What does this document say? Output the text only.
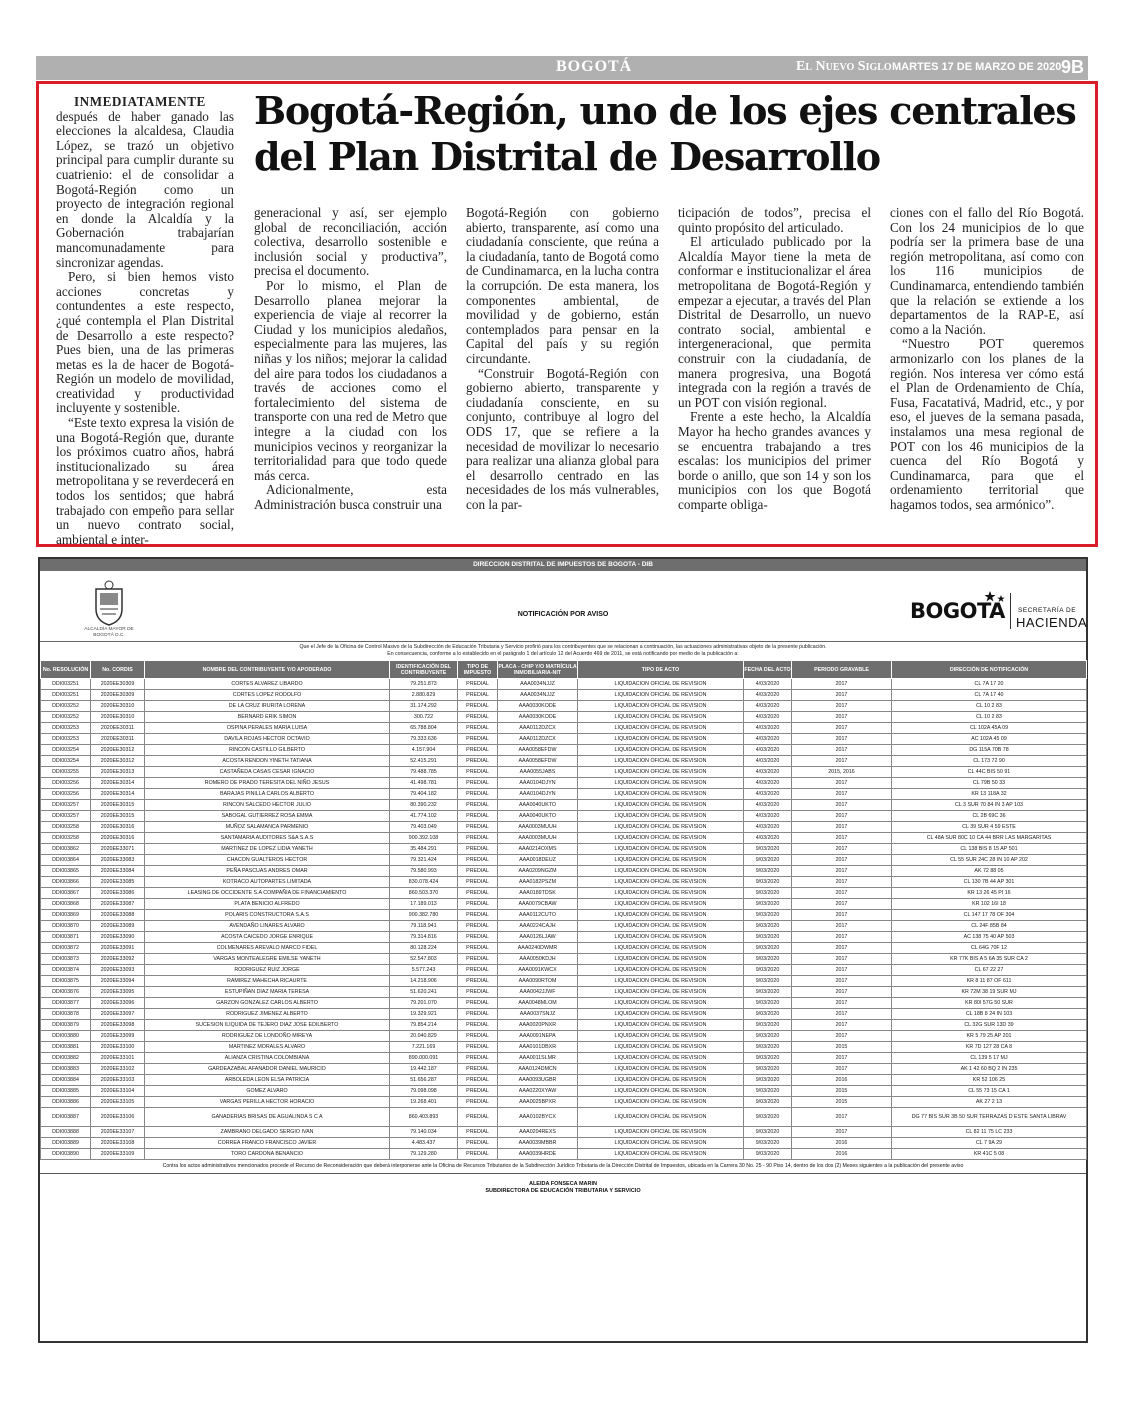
BOGOTÁ	El Nuevo Siglo MARTES 17 DE MARZO DE 2020 9B
Bogotá-Región, uno de los ejes centrales del Plan Distrital de Desarrollo

INMEDIATAMENTE después de haber ganado las elecciones la alcaldesa, Claudia López, se trazó un objetivo principal para cumplir durante su cuatrienio: el de consolidar a Bogotá-Región como un proyecto de integración regional en donde la Alcaldía y la Gobernación trabajarían mancomunadamente para sincronizar agendas.

Pero, si bien hemos visto acciones concretas y contundentes a este respecto, ¿qué contempla el Plan Distrital de Desarrollo a este respecto? Pues bien, una de las primeras metas es la de hacer de Bogotá-Región un modelo de movilidad, creatividad y productividad incluyente y sostenible.

“Este texto expresa la visión de una Bogotá-Región que, durante los próximos cuatro años, habrá institucionalizado su área metropolitana y se reverdecerá en todos los sentidos; que habrá trabajado con empeño para sellar un nuevo contrato social, ambiental e inter-

generacional y así, ser ejemplo global de reconciliación, acción colectiva, desarrollo sostenible e inclusión social y productiva”, precisa el documento.

Por lo mismo, el Plan de Desarrollo planea mejorar la experiencia de viaje al recorrer la Ciudad y los municipios aledaños, especialmente para las mujeres, las niñas y los niños; mejorar la calidad del aire para todos los ciudadanos a través de acciones como el fortalecimiento del sistema de transporte con una red de Metro que integre a la ciudad con los municipios vecinos y reorganizar la territorialidad para que todo quede más cerca.

Adicionalmente, esta Administración busca construir una

Bogotá-Región con gobierno abierto, transparente, así como una ciudadanía consciente, que reúna a la ciudadanía, tanto de Bogotá como de Cundinamarca, en la lucha contra la corrupción. De esta manera, los componentes ambiental, de movilidad y de gobierno, están contemplados para pensar en la Capital del país y su región circundante.

“Construir Bogotá-Región con gobierno abierto, transparente y ciudadanía consciente, en su conjunto, contribuye al logro del ODS 17, que se refiere a la necesidad de movilizar lo necesario para realizar una alianza global para el desarrollo centrado en las necesidades de los más vulnerables, con la par-

ticipación de todos”, precisa el quinto propósito del articulado.

El articulado publicado por la Alcaldía Mayor tiene la meta de conformar e institucionalizar el área metropolitana de Bogotá-Región y empezar a ejecutar, a través del Plan Distrital de Desarrollo, un nuevo contrato social, ambiental e intergeneracional, que permita construir con la ciudadanía, de manera progresiva, una Bogotá integrada con la región a través de un POT con visión regional.

Frente a este hecho, la Alcaldía Mayor ha hecho grandes avances y se encuentra trabajando a tres escalas: los municipios del primer borde o anillo, que son 14 y son los municipios con los que Bogotá comparte obliga-

ciones con el fallo del Río Bogotá. Con los 24 municipios de lo que podría ser la primera base de una región metropolitana, así como con los 116 municipios de Cundinamarca, entendiendo también que la relación se extiende a los departamentos de la RAP-E, así como a la Nación.

“Nuestro POT queremos armonizarlo con los planes de la región. Nos interesa ver cómo está el Plan de Ordenamiento de Chía, Fusa, Facatativá, Madrid, etc., y por eso, el jueves de la semana pasada, instalamos una mesa regional de POT con los 46 municipios de la cuenca del Río Bogotá y Cundinamarca, para que el ordenamiento territorial que hagamos todos, sea armónico”.

DIRECCION DISTRITAL DE IMPUESTOS DE BOGOTA - DIB
ALCALDÍA MAYOR DE BOGOTÁ D.C.
NOTIFICACIÓN POR AVISO	BOGOTA SECRETARÍA DE
HACIENDA
Que el Jefe de la Oficina de Control Masivo de la Subdirección de Educación Tributaria y Servicio profirió para los contribuyentes que se relacionan a continuación, las actuaciones administrativas objeto de la presente publicación.
En consecuencia, conforme a lo establecido en el parágrafo 1 del artículo 12 del Acuerdo 469 de 2011, se está notificando por medio de la publicación a:
No. RESOLUCIÓN	No. CORDIS	NOMBRE DEL CONTRIBUYENTE Y/O APODERADO	IDENTIFICACIÓN DEL CONTRIBUYENTE	TIPO DE IMPUESTO	PLACA - CHIP Y/O MATRÍCULA INMOBILIARIA-NIT	TIPO DE ACTO	FECHA DEL ACTO	PERIODO GRAVABLE	DIRECCIÓN DE NOTIFICACIÓN
DDI003251	2020EE30309	CORTES ALVAREZ LIBARDO	79.251.873	PREDIAL	AAA0034NJJZ	LIQUIDACION OFICIAL DE REVISION	4/03/2020	2017	CL 7A 17 20
DDI003251	2020EE30309	CORTES LOPEZ RODOLFO	2.880.829	PREDIAL	AAA0034NJJZ	LIQUIDACION OFICIAL DE REVISION	4/03/2020	2017	CL 7A 17 40
DDI003252	2020EE30310	DE LA CRUZ IRURITA LORENA	31.174.292	PREDIAL	AAA0030KODE	LIQUIDACION OFICIAL DE REVISION	4/03/2020	2017	CL 10 2 83
DDI003252	2020EE30310	BERNARD ERIK SIMON	300.722	PREDIAL	AAA0030KODE	LIQUIDACION OFICIAL DE REVISION	4/03/2020	2017	CL 10 2 83
DDI003253	2020EE30311	OSPINA PERALES MARIA LUISA	65.788.804	PREDIAL	AAA0112DZCX	LIQUIDACION OFICIAL DE REVISION	4/03/2020	2017	CL 102A 45A 09
DDI003253	2020EE30311	DAVILA ROJAS HECTOR OCTAVIO	79.333.636	PREDIAL	AAA0112DZCX	LIQUIDACION OFICIAL DE REVISION	4/03/2020	2017	AC 102A 45 09
DDI003254	2020EE30312	RINCON CASTILLO GILBERTO	4.157.904	PREDIAL	AAA0058EFDW	LIQUIDACION OFICIAL DE REVISION	4/03/2020	2017	DG 115A 70B 78
DDI003254	2020EE30312	ACOSTA RENDON YINETH TATIANA	52.415.291	PREDIAL	AAA0058EFDW	LIQUIDACION OFICIAL DE REVISION	4/03/2020	2017	CL 173 72 90
DDI003255	2020EE30313	CASTAÑEDA CASAS CESAR IGNACIO	79.488.785	PREDIAL	AAA0055JABS	LIQUIDACION OFICIAL DE REVISION	4/03/2020	2015, 2016	CL 44C BIS 50 91
DDI003256	2020EE30314	ROMERO DE PRADO TERESITA DEL NIÑO JESUS	41.498.781	PREDIAL	AAA0104DJYN	LIQUIDACION OFICIAL DE REVISION	4/03/2020	2017	CL 79B 50 33
DDI003256	2020EE30314	BARAJAS PINILLA CARLOS ALBERTO	79.404.182	PREDIAL	AAA0104DJYN	LIQUIDACION OFICIAL DE REVISION	4/03/2020	2017	KR 13 118A 32
DDI003257	2020EE30315	RINCON SALCEDO HECTOR JULIO	80.390.232	PREDIAL	AAA0040UKTO	LIQUIDACION OFICIAL DE REVISION	4/03/2020	2017	CL 3 SUR 70 84 IN 3 AP 103
DDI003257	2020EE30315	SABOGAL GUTIERREZ ROSA EMMA	41.774.102	PREDIAL	AAA0040UKTO	LIQUIDACION OFICIAL DE REVISION	4/03/2020	2017	CL 2B 69C 36
DDI003258	2020EE30316	MUÑOZ SALAMANCA PARMENIO	79.403.049	PREDIAL	AAA0003MUUH	LIQUIDACION OFICIAL DE REVISION	4/03/2020	2017	CL 39 SUR 4 59 ESTE
DDI003258	2020EE30316	SANTAMARIA AUDITORES S&A S.A.S	900.392.108	PREDIAL	AAA0003MUUH	LIQUIDACION OFICIAL DE REVISION	4/03/2020	2017	CL 48A SUR 80C 10 CA 44 BRR LAS MARGARITAS
DDI003862	2020EE33071	MARTINEZ DE LOPEZ LIDIA YANETH	35.484.291	PREDIAL	AAA0214OXMS	LIQUIDACION OFICIAL DE REVISION	9/03/2020	2017	CL 138 BIS 8 15 AP 501
DDI003864	2020EE33083	CHACON GUALTEROS HECTOR	79.321.424	PREDIAL	AAA0018DEUZ	LIQUIDACION OFICIAL DE REVISION	9/03/2020	2017	CL 55 SUR 24C 28 IN 10 AP 202
DDI003865	2020EE33084	PEÑA PASCUAS ANDRES OMAR	79.580.993	PREDIAL	AAA0209NGZM	LIQUIDACION OFICIAL DE REVISION	9/03/2020	2017	AK 72 88 05
DDI003866	2020EE33085	KOTRACO AUTOPARTES LIMITADA	830.078.424	PREDIAL	AAA0182PSZM	LIQUIDACION OFICIAL DE REVISION	9/03/2020	2017	CL 130 7B 44 AP 301
DDI003867	2020EE33086	LEASING DE OCCIDENTE S.A COMPAÑIA DE FINANCIAMIENTO	860.503.370	PREDIAL	AAA0189TDSK	LIQUIDACION OFICIAL DE REVISION	9/03/2020	2017	KR 13 26 45 PI 16
DDI003868	2020EE33087	PLATA BENICIO ALFREDO	17.189.013	PREDIAL	AAA0079CBAW	LIQUIDACION OFICIAL DE REVISION	9/03/2020	2017	KR 102 16I 18
DDI003869	2020EE33088	POLARIS CONSTRUCTORA S.A.S	900.382.780	PREDIAL	AAA0112CUTO	LIQUIDACION OFICIAL DE REVISION	9/03/2020	2017	CL 147 17 78 OF 304
DDI003870	2020EE33089	AVENDAÑO LINARES ALVARO	79.118.941	PREDIAL	AAA0224CAJH	LIQUIDACION OFICIAL DE REVISION	9/03/2020	2017	CL 24F 85B 84
DDI003871	2020EE33090	ACOSTA CAICEDO JORGE ENRIQUE	79.314.816	PREDIAL	AAA0126LJAW	LIQUIDACION OFICIAL DE REVISION	9/03/2020	2017	AC 138 75 40 AP 503
DDI003872	2020EE33091	COLMENARES AREVALO MARCO FIDEL	80.128.224	PREDIAL	AAA0240DWMR	LIQUIDACION OFICIAL DE REVISION	9/03/2020	2017	CL 64G 70F 12
DDI003873	2020EE33092	VARGAS MONTEALEGRE EMILSE YANETH	52.547.803	PREDIAL	AAA0050KDJH	LIQUIDACION OFICIAL DE REVISION	9/03/2020	2017	KR 77K BIS A 5 6A 35 SUR CA 2
DDI003874	2020EE33093	RODRIGUEZ RUIZ JORGE	5.577.243	PREDIAL	AAA0091KWCX	LIQUIDACION OFICIAL DE REVISION	9/03/2020	2017	CL 67 22 27
DDI003875	2020EE33094	RAMIREZ MAHECHA RICAURTE	14.218.906	PREDIAL	AAA0090RTOM	LIQUIDACION OFICIAL DE REVISION	9/03/2020	2017	KR 8 11 87 OF 611
DDI003876	2020EE33095	ESTUPIÑAN DIAZ MARIA TERESA	51.620.241	PREDIAL	AAA0042JJWF	LIQUIDACION OFICIAL DE REVISION	9/03/2020	2017	KR 72M 38 19 SUR MJ
DDI003877	2020EE33096	GARZON GONZALEZ CARLOS ALBERTO	79.201.070	PREDIAL	AAA0048MLOM	LIQUIDACION OFICIAL DE REVISION	9/03/2020	2017	KR 80I 57G 50 SUR
DDI003878	2020EE33097	RODRIGUEZ JIMENEZ ALBERTO	19.329.921	PREDIAL	AAA0037SNJZ	LIQUIDACION OFICIAL DE REVISION	9/03/2020	2017	CL 18B 8 24 IN 103
DDI003879	2020EE33098	SUCESION ILIQUIDA DE TEJERO DIAZ JOSE EDILBERTO	79.854.214	PREDIAL	AAA0020PNXR	LIQUIDACION OFICIAL DE REVISION	9/03/2020	2017	CL 32G SUR 13D 39
DDI003880	2020EE33099	RODRIGUEZ DE LONDOÑO MIREYA	20.040.829	PREDIAL	AAA0091NEPA	LIQUIDACION OFICIAL DE REVISION	9/03/2020	2017	KR 5 79 25 AP 201
DDI003881	2020EE33100	MARTINEZ MORALES ALVARO	7.221.169	PREDIAL	AAA0101DBXR	LIQUIDACION OFICIAL DE REVISION	9/03/2020	2015	KR 7D 127 28 CA 8
DDI003882	2020EE33101	ALIANZA CRISTINA COLOMBIANA	890.000.091	PREDIAL	AAA0011SLMR	LIQUIDACION OFICIAL DE REVISION	9/03/2020	2017	CL 139 5 17 MJ
DDI003883	2020EE33102	GARDEAZABAL AFANADOR DANIEL MAURICIO	19.442.187	PREDIAL	AAA0124DMCN	LIQUIDACION OFICIAL DE REVISION	9/03/2020	2017	AK 1 42 60 BQ 2 IN 235
DDI003884	2020EE33103	ARBOLEDA LEON ELSA PATRICIA	51.656.287	PREDIAL	AAA0093UGBR	LIQUIDACION OFICIAL DE REVISION	9/03/2020	2016	KR 52 106 25
DDI003885	2020EE33104	GOMEZ ALVARO	79.098.098	PREDIAL	AAA0220XYAW	LIQUIDACION OFICIAL DE REVISION	9/03/2020	2015	CL 55 73 15 CA 1
DDI003886	2020EE33105	VARGAS PERILLA HECTOR HORACIO	19.268.401	PREDIAL	AAA0025BPXR	LIQUIDACION OFICIAL DE REVISION	9/03/2020	2015	AK 27 2 13
DDI003887	2020EE33106	GANADERIAS BRISAS DE AGUALINDA S C A	860.403.893	PREDIAL	AAA0102BYCX	LIQUIDACION OFICIAL DE REVISION	9/03/2020	2017	DG 77 BIS SUR 3B 50 SUR TERRAZAS D ESTE SANTA LIBRAV
DDI003888	2020EE33107	ZAMBRANO DELGADO SERGIO IVAN	79.140.034	PREDIAL	AAA0204REXS	LIQUIDACION OFICIAL DE REVISION	9/03/2020	2017	CL 82 11 75 LC 233
DDI003889	2020EE33108	CORREA FRANCO FRANCISCO JAVIER	4.483.437	PREDIAL	AAA0039MBBR	LIQUIDACION OFICIAL DE REVISION	9/03/2020	2016	CL 7 9A 29
DDI003890	2020EE33109	TORO CARDONA BENANCIO	79.129.280	PREDIAL	AAA0039HRDE	LIQUIDACION OFICIAL DE REVISION	9/03/2020	2016	KR 41C 5 08
Contra los actos administrativos mencionados procede el Recurso de Reconsideración que deberá interponerse ante la Oficina de Recursos Tributarios de la Subdirección Jurídico Tributaria de la Dirección Distrital de Impuestos, ubicada en la Carrera 30 No. 25 - 90 Piso 14, dentro de los dos (2) Meses siguientes a la publicación del presente aviso
ALEIDA FONSECA MARIN
SUBDIRECTORA DE EDUCACIÓN TRIBUTARIA Y SERVICIO
